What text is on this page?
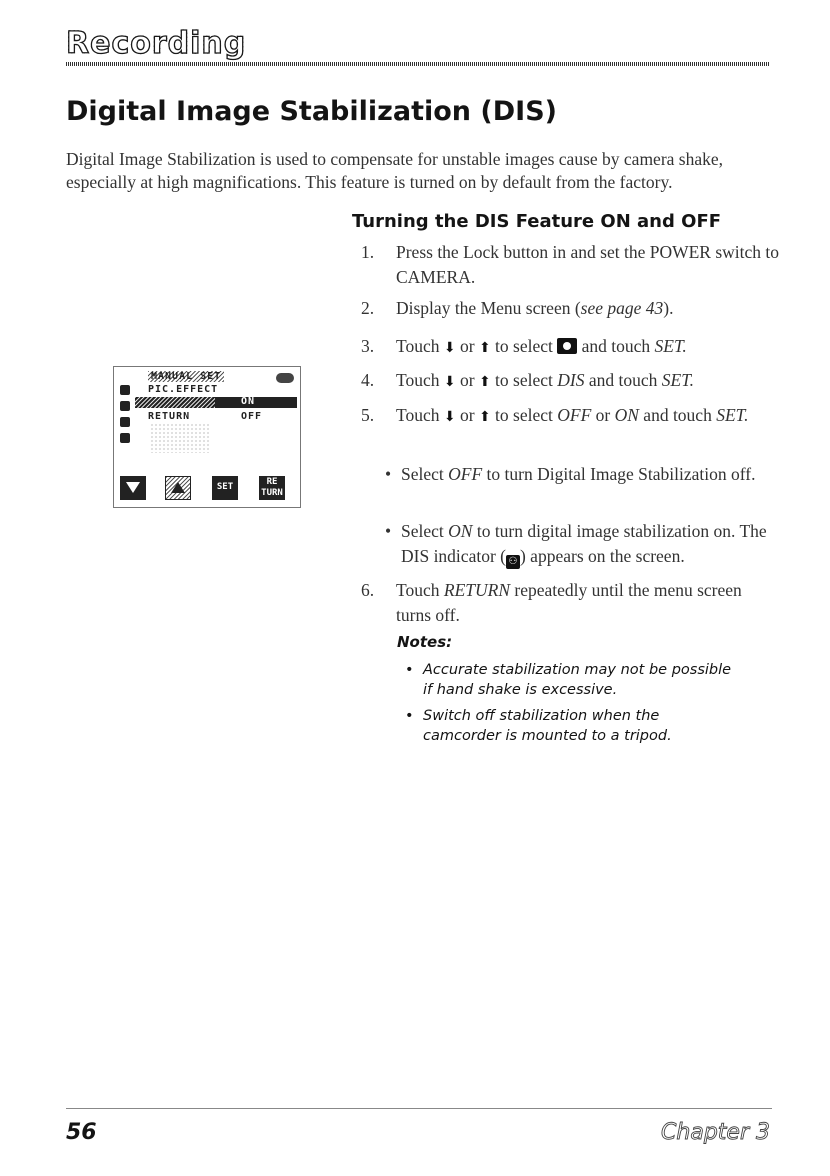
Recording
Digital Image Stabilization (DIS)

Digital Image Stabilization is used to compensate for unstable images cause by camera shake, especially at high magnifications. This feature is turned on by default from the factory.

Turning the DIS Feature ON and OFF
1.	Press the Lock button in and set the POWER switch to CAMERA.
2.	Display the Menu screen (see page 43).
3.	Touch ⬇ or ⬆ to select and touch SET.
4.	Touch ⬇ or ⬆ to select DIS and touch SET.
5.	Touch ⬇ or ⬆ to select OFF or ON and touch SET.
• Select OFF to turn Digital Image Stabilization off.
• Select ON to turn digital image stabilization on. The DIS indicator ( ⚇ ) appears on the screen.
6.	Touch RETURN repeatedly until the menu screen turns off.
Notes:
• Accurate stabilization may not be possible if hand shake is excessive.
• Switch off stabilization when the camcorder is mounted to a tripod.
MANUAL SET
PIC.EFFECT
ON
RETURN	OFF
SET	RE
TURN
56	Chapter 3
